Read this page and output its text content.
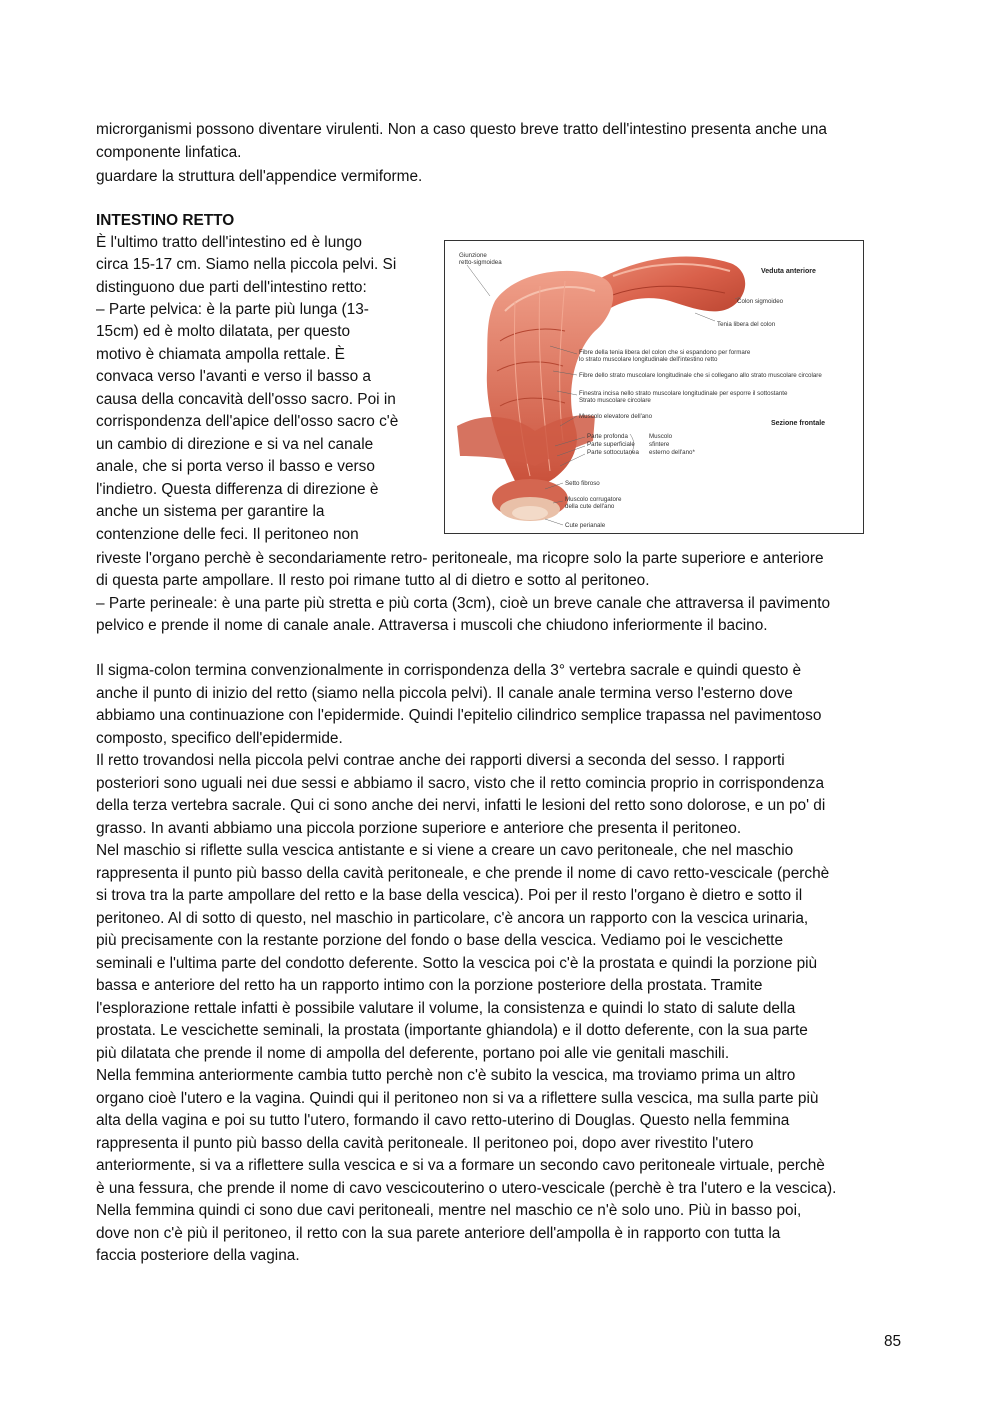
microrganismi possono diventare virulenti. Non a caso questo breve tratto dell'intestino presenta anche una
componente linfatica.
guardare la struttura dell'appendice vermiforme.
INTESTINO RETTO
È l'ultimo tratto dell'intestino ed è lungo
circa 15-17 cm. Siamo nella piccola pelvi. Si
distinguono due parti dell'intestino retto:
– Parte pelvica: è la parte più lunga (13-
15cm) ed è molto dilatata, per questo
motivo è chiamata ampolla rettale. È
convaca verso l'avanti e verso il basso a
causa della concavità dell'osso sacro. Poi in
corrispondenza dell'apice dell'osso sacro c'è
un cambio di direzione e si va nel canale
anale, che si porta verso il basso e verso
l'indietro. Questa differenza di direzione è
anche un sistema per garantire la
contenzione delle feci. Il peritoneo non
Giunzione
retto-sigmoidea
Veduta anteriore
Colon sigmoideo
Tenia libera del colon
Fibre della tenia libera del colon che si espandono per formare
lo strato muscolare longitudinale dell'intestino retto
Fibre dello strato muscolare longitudinale che si collegano allo strato muscolare circolare
Finestra incisa nello strato muscolare longitudinale per esporre il sottostante
Strato muscolare circolare
Muscolo elevatore dell'ano
Sezione frontale
Parte profonda
Parte superficiale
Parte sottocutanea
Muscolo
sfintere
esterno dell'ano*
Setto fibroso
Muscolo corrugatore
della cute dell'ano
Cute perianale
riveste l'organo perchè è secondariamente retro- peritoneale, ma ricopre solo la parte superiore e anteriore
di questa parte ampollare. Il resto poi rimane tutto al di dietro e sotto al peritoneo.
– Parte perineale: è una parte più stretta e più corta (3cm), cioè un breve canale che attraversa il pavimento
pelvico e prende il nome di canale anale. Attraversa i muscoli che chiudono inferiormente il bacino.
Il sigma-colon termina convenzionalmente in corrispondenza della 3° vertebra sacrale e quindi questo è
anche il punto di inizio del retto (siamo nella piccola pelvi). Il canale anale termina verso l'esterno dove
abbiamo una continuazione con l'epidermide. Quindi l'epitelio cilindrico semplice trapassa nel pavimentoso
composto, specifico dell'epidermide.
Il retto trovandosi nella piccola pelvi contrae anche dei rapporti diversi a seconda del sesso. I rapporti
posteriori sono uguali nei due sessi e abbiamo il sacro, visto che il retto comincia proprio in corrispondenza
della terza vertebra sacrale. Qui ci sono anche dei nervi, infatti le lesioni del retto sono dolorose, e un po' di
grasso. In avanti abbiamo una piccola porzione superiore e anteriore che presenta il peritoneo.
Nel maschio si riflette sulla vescica antistante e si viene a creare un cavo peritoneale, che nel maschio
rappresenta il punto più basso della cavità peritoneale, e che prende il nome di cavo retto-vescicale (perchè
si trova tra la parte ampollare del retto e la base della vescica). Poi per il resto l'organo è dietro e sotto il
peritoneo. Al di sotto di questo, nel maschio in particolare, c'è ancora un rapporto con la vescica urinaria,
più precisamente con la restante porzione del fondo o base della vescica. Vediamo poi le vescichette
seminali e l'ultima parte del condotto deferente. Sotto la vescica poi c'è la prostata e quindi la porzione più
bassa e anteriore del retto ha un rapporto intimo con la porzione posteriore della prostata. Tramite
l'esplorazione rettale infatti è possibile valutare il volume, la consistenza e quindi lo stato di salute della
prostata. Le vescichette seminali, la prostata (importante ghiandola) e il dotto deferente, con la sua parte
più dilatata che prende il nome di ampolla del deferente, portano poi alle vie genitali maschili.
Nella femmina anteriormente cambia tutto perchè non c'è subito la vescica, ma troviamo prima un altro
organo cioè l'utero e la vagina. Quindi qui il peritoneo non si va a riflettere sulla vescica, ma sulla parte più
alta della vagina e poi su tutto l'utero, formando il cavo retto-uterino di Douglas. Questo nella femmina
rappresenta il punto più basso della cavità peritoneale. Il peritoneo poi, dopo aver rivestito l'utero
anteriormente, si va a riflettere sulla vescica e si va a formare un secondo cavo peritoneale virtuale, perchè
è una fessura, che prende il nome di cavo vescicouterino o utero-vescicale (perchè è tra l'utero e la vescica).
Nella femmina quindi ci sono due cavi peritoneali, mentre nel maschio ce n'è solo uno. Più in basso poi,
dove non c'è più il peritoneo, il retto con la sua parete anteriore dell'ampolla è in rapporto con tutta la
faccia posteriore della vagina.
85
